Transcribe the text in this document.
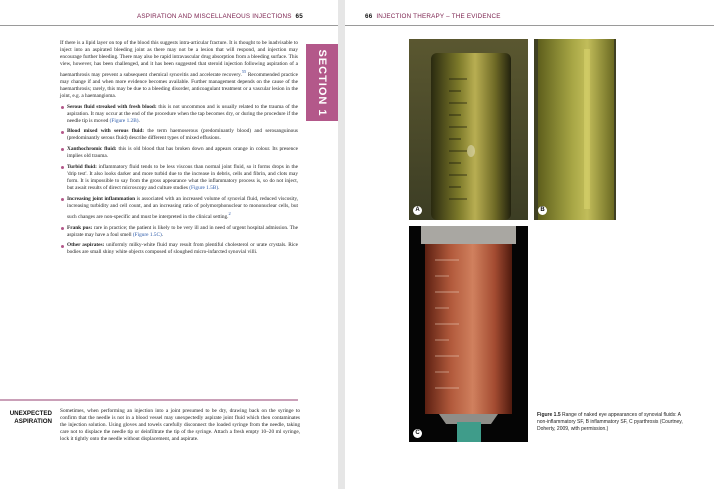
ASPIRATION AND MISCELLANEOUS INJECTIONS 65
SECTION 1

If there is a lipid layer on top of the blood this suggests intra-articular fracture. It is thought to be inadvisable to inject into an aspirated bleeding joint as there may not be a lesion that will respond, and injection may encourage further bleeding. There may also be rapid intravascular drug absorption from a bleeding surface. This view, however, has been challenged, and it has been suggested that steroid injection following aspiration of a haemarthrosis may prevent a subsequent chemical synovitis and accelerate recovery.$^{55}$ Recommended practice may change if and when more evidence becomes available. Further management depends on the cause of the haemarthrosis; rarely, this may be due to a bleeding disorder, anticoagulant treatment or a vascular lesion in the joint, e.g. a haemangioma.

Serous fluid streaked with fresh blood: this is not uncommon and is usually related to the trauma of the aspiration. It may occur at the end of the procedure when the tap becomes dry, or during the procedure if the needle tip is moved (Figure 1.2B).
Blood mixed with serous fluid: the term haemoserous (predominantly blood) and serosanguinous (predominantly serous fluid) describe different types of mixed effusions.
Xanthochromic fluid: this is old blood that has broken down and appears orange in colour. Its presence implies old trauma.
Turbid fluid: inflammatory fluid tends to be less viscous than normal joint fluid, so it forms drops in the 'drip test'. It also looks darker and more turbid due to the increase in debris, cells and fibrin, and clots may form. It is impossible to say from the gross appearance what the inflammatory process is, so do not inject, but await results of direct microscopy and culture studies (Figure 1.5B).
Increasing joint inflammation is associated with an increased volume of synovial fluid, reduced viscosity, increasing turbidity and cell count, and an increasing ratio of polymorphonuclear to mononuclear cells, but such changes are non-specific and must be interpreted in the clinical setting.$^2$
Frank pus: rare in practice; the patient is likely to be very ill and in need of urgent hospital admission. The aspirate may have a foul smell (Figure 1.5C).
Other aspirates: uniformly milky-white fluid may result from plentiful cholesterol or urate crystals. Rice bodies are small shiny white objects composed of sloughed micro-infarcted synovial villi.
UNEXPECTED ASPIRATION
Sometimes, when performing an injection into a joint presumed to be dry, drawing back on the syringe to confirm that the needle is not in a blood vessel may unexpectedly aspirate joint fluid which then contaminates the injection solution. Using gloves and towels carefully disconnect the loaded syringe from the needle, taking care not to displace the needle tip or deinfiltrate the tip of the syringe. Attach a fresh empty 10–20 ml syringe, lock it tightly onto the needle without displacement, and aspirate.
66 INJECTION THERAPY – THE EVIDENCE
A	B
C
Figure 1.5 Range of naked eye appearances of synovial fluids: A non-inflammatory SF, B inflammatory SF, C pyarthrosis (Courtney, Doherty, 2009, with permission.)
